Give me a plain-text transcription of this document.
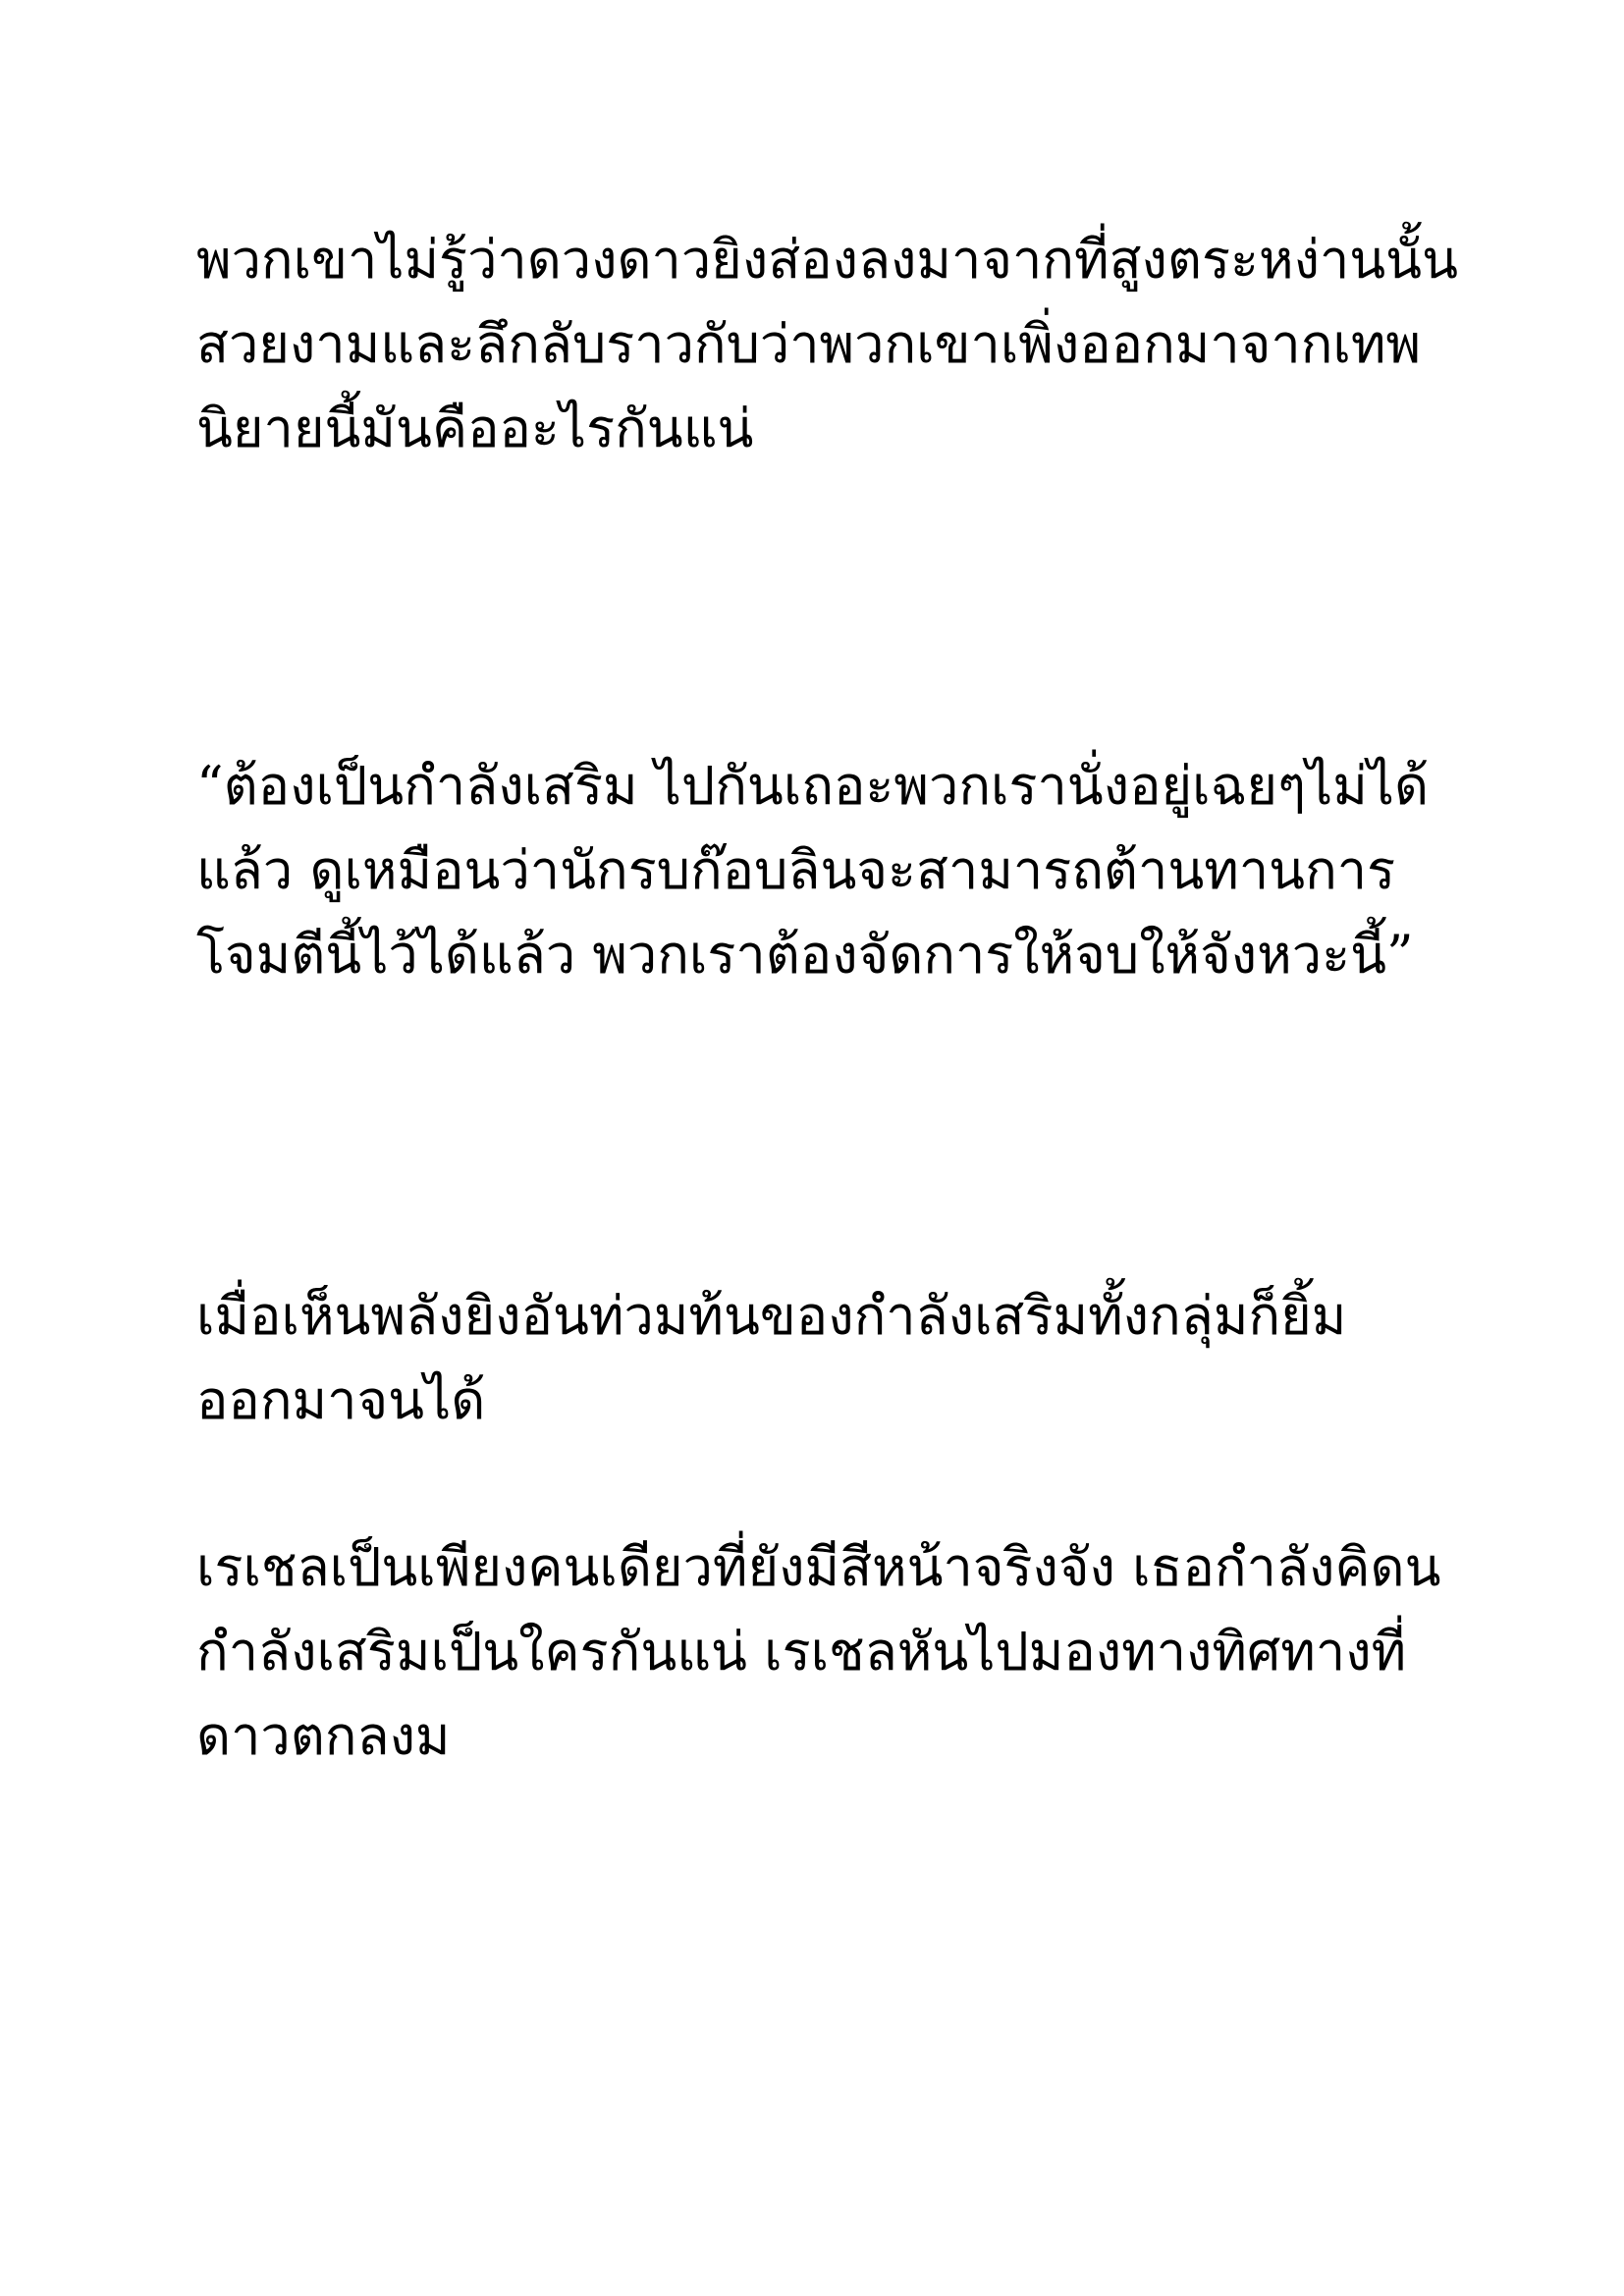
พวกเขาไม่รู้ว่าดวงดาวยิงส่องลงมาจากที่สูงตระหง่านนั้น

สวยงามและลึกลับราวกับว่าพวกเขาเพิ่งออกมาจากเทพ

นิยายนี้มันคืออะไรกันแน่

“ต้องเป็นกำลังเสริม ไปกันเถอะพวกเรานั่งอยู่เฉยๆไม่ได้

แล้ว ดูเหมือนว่านักรบก๊อบลินจะสามารถต้านทานการ

โจมตีนี้ไว้ได้แล้ว พวกเราต้องจัดการให้จบให้จังหวะนี้”

เมื่อเห็นพลังยิงอันท่วมท้นของกำลังเสริมทั้งกลุ่มก็ยิ้ม

ออกมาจนได้

เรเชลเป็นเพียงคนเดียวที่ยังมีสีหน้าจริงจัง เธอกำลังคิดน

กำลังเสริมเป็นใครกันแน่ เรเชลหันไปมองทางทิศทางที่

ดาวตกลงม
